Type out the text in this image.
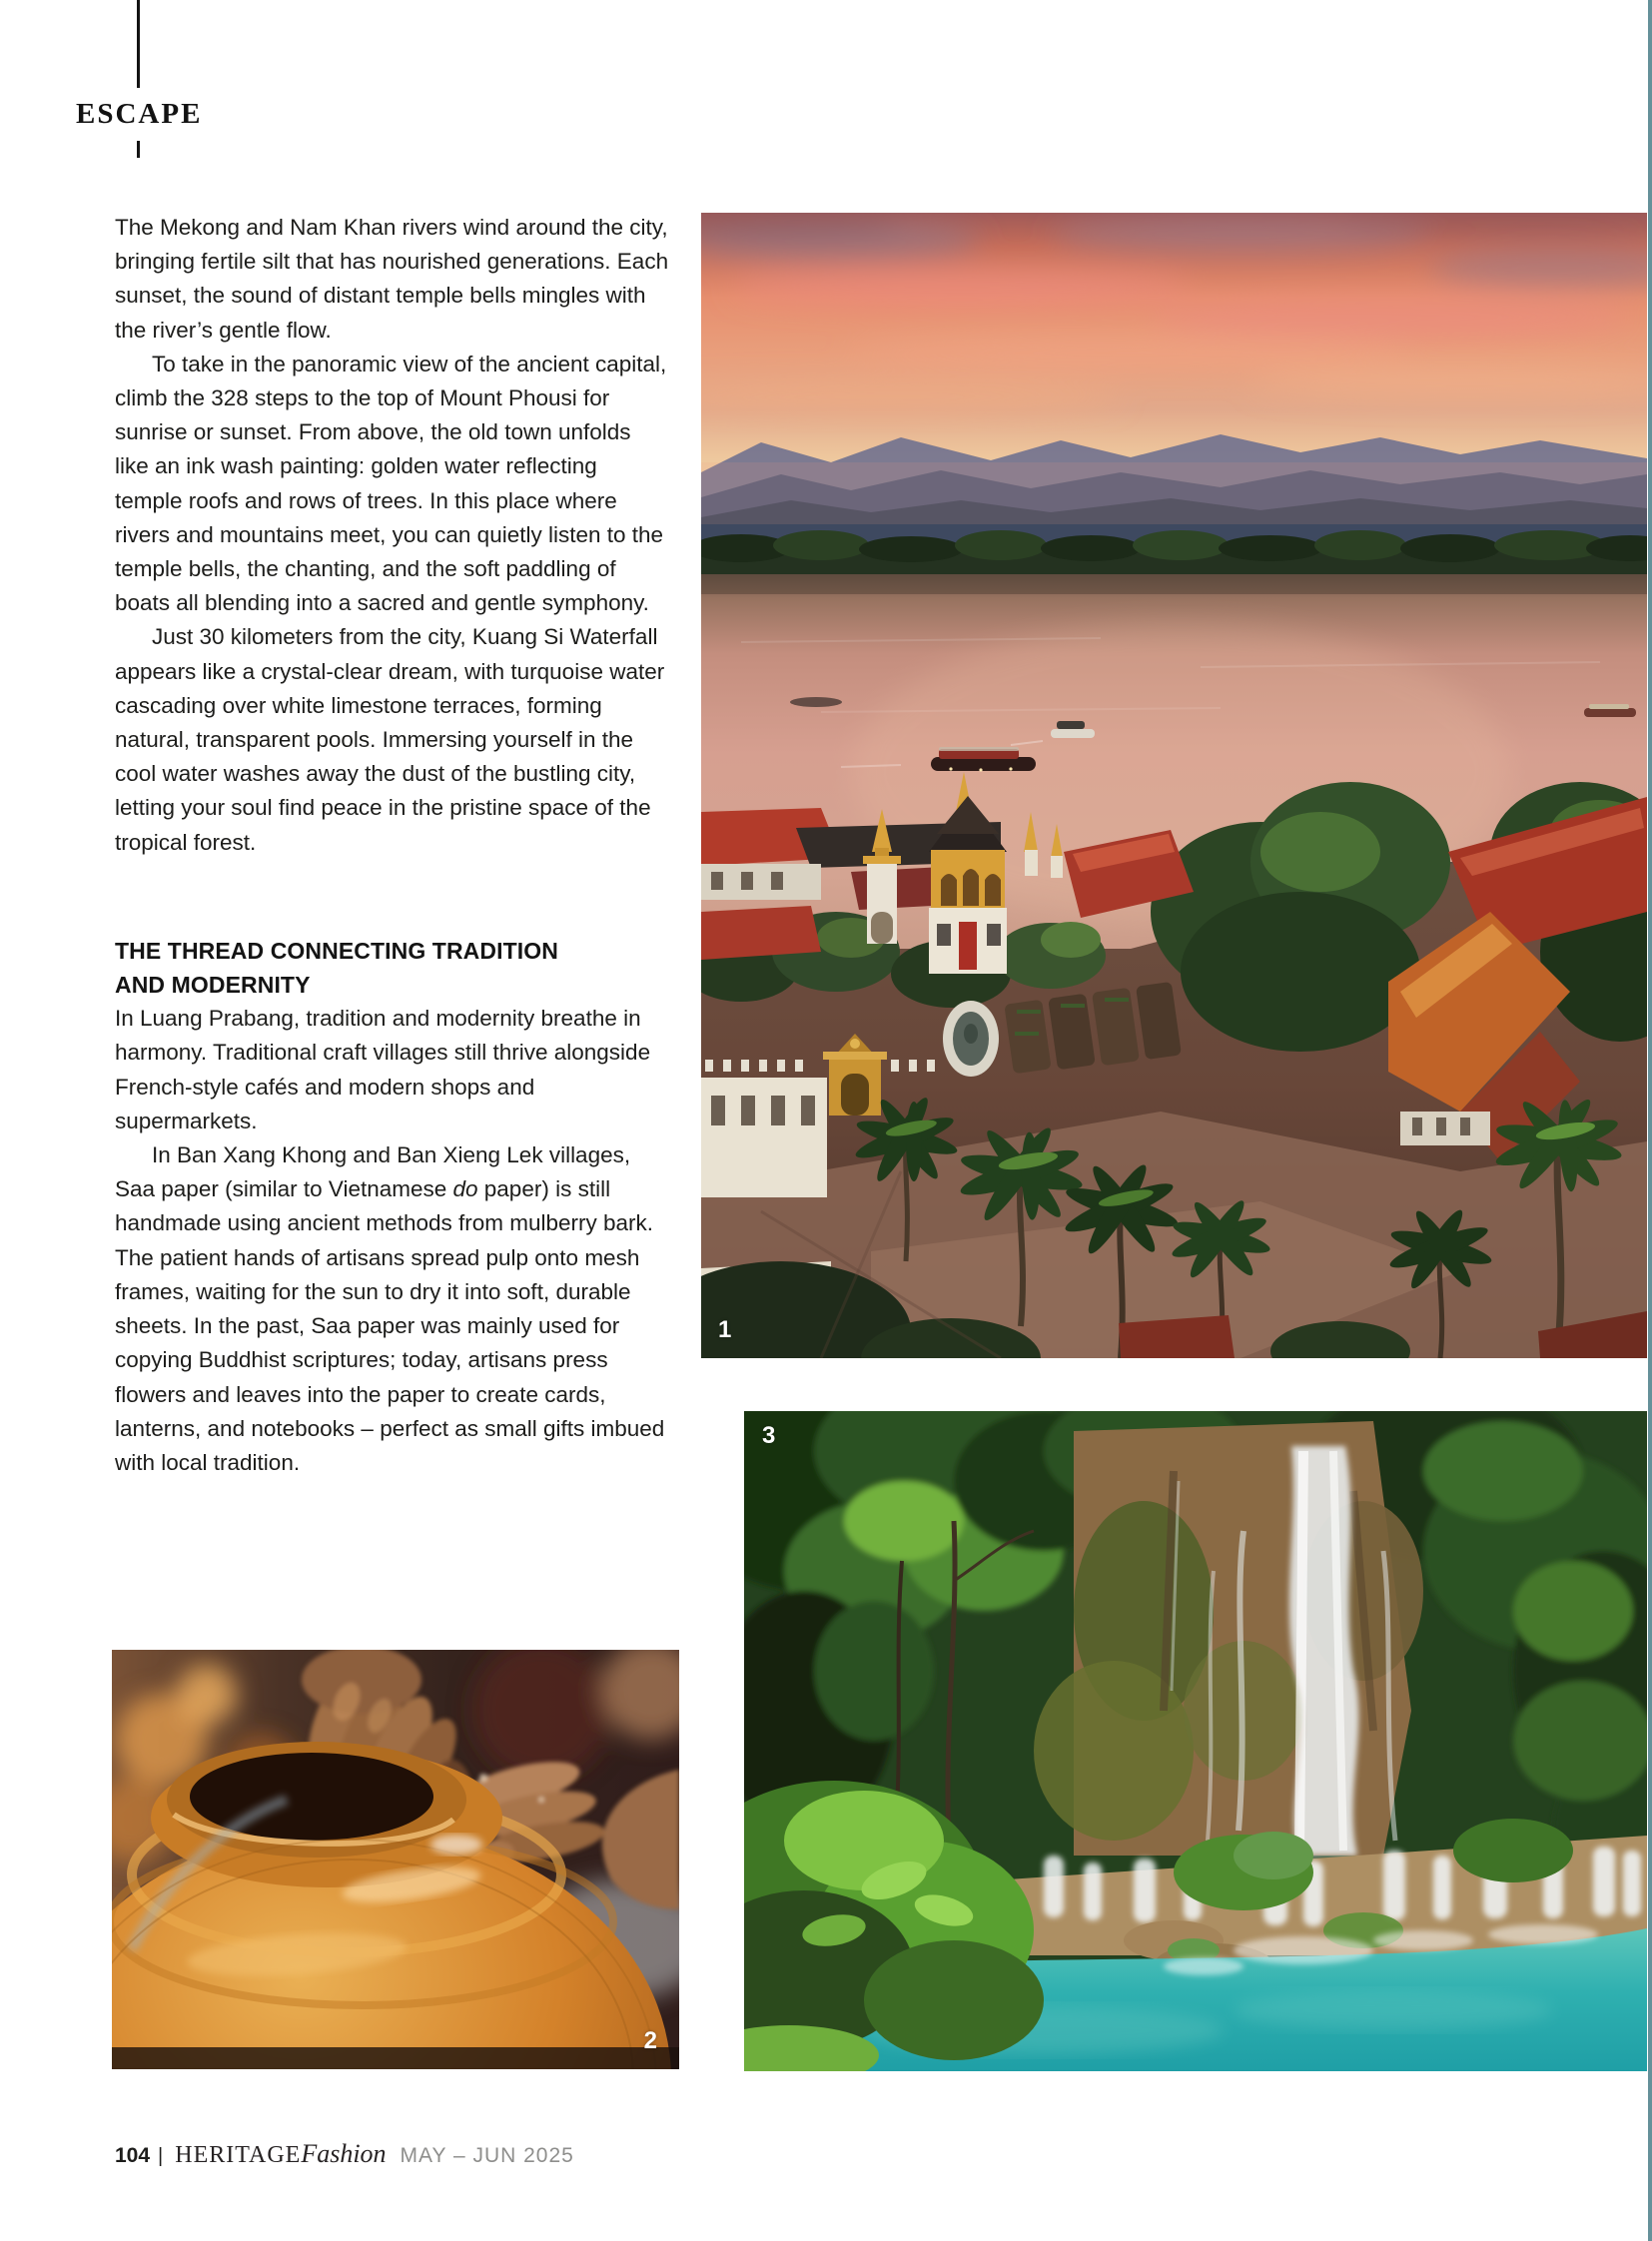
ESCAPE

The Mekong and Nam Khan rivers wind around the city, bringing fertile silt that has nourished generations. Each sunset, the sound of distant temple bells mingles with the river’s gentle flow.

To take in the panoramic view of the ancient capital, climb the 328 steps to the top of Mount Phousi for sunrise or sunset. From above, the old town unfolds like an ink wash painting: golden water reflecting temple roofs and rows of trees. In this place where rivers and mountains meet, you can quietly listen to the temple bells, the chanting, and the soft paddling of boats all blending into a sacred and gentle symphony.

Just 30 kilometers from the city, Kuang Si Waterfall appears like a crystal-clear dream, with turquoise water cascading over white limestone terraces, forming natural, transparent pools. Immersing yourself in the cool water washes away the dust of the bustling city, letting your soul find peace in the pristine space of the tropical forest.

THE THREAD CONNECTING TRADITION
AND MODERNITY

In Luang Prabang, tradition and modernity breathe in harmony. Traditional craft villages still thrive alongside French-style cafés and modern shops and supermarkets.

In Ban Xang Khong and Ban Xieng Lek villages, Saa paper (similar to Vietnamese do paper) is still handmade using ancient methods from mulberry bark. The patient hands of artisans spread pulp onto mesh frames, waiting for the sun to dry it into soft, durable sheets. In the past, Saa paper was mainly used for copying Buddhist scriptures; today, artisans press flowers and leaves into the paper to create cards, lanterns, and notebooks – perfect as small gifts imbued with local tradition.

1
2
3
104 | HERITAGE Fashion MAY – JUN 2025
